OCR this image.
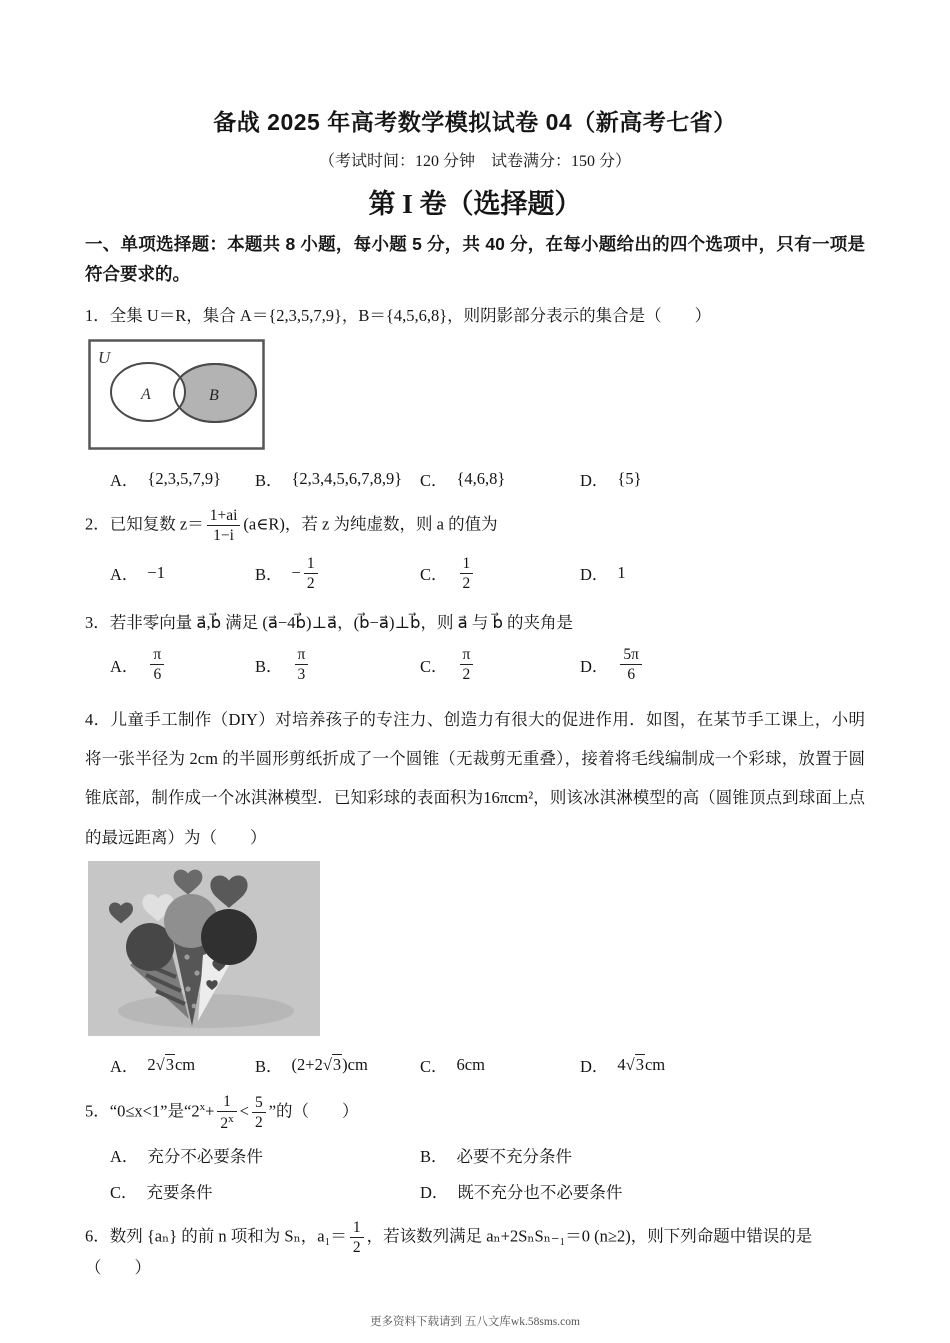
备战 2025 年高考数学模拟试卷 04（新高考七省）
（考试时间：120 分钟　试卷满分：150 分）
第 I 卷（选择题）

一、单项选择题：本题共 8 小题，每小题 5 分，共 40 分，在每小题给出的四个选项中，只有一项是符合要求的。

1．全集 U＝R，集合 A＝{2,3,5,7,9}，B＝{4,5,6,8}，则阴影部分表示的集合是（　　）

U
A	B
A． {2,3,5,7,9} B． {2,3,4,5,6,7,8,9} C． {4,6,8}	D． {5}

2．已知复数 $z= \frac{1+ai}{1-i}$ (a∈R)，若 z 为纯虚数，则 a 的值为

A． −1	B． − $\frac{1}{2}$	C． $\frac{1}{2}$	D． 1

3．若非零向量 a⃗,b⃗ 满足 (a⃗−4b⃗)⊥a⃗，(b⃗−a⃗)⊥b⃗，则 a⃗ 与 b⃗ 的夹角是

A． $\frac{\pi}{6}$	B． $\frac{\pi}{3}$	C． $\frac{\pi}{2}$	D． $\frac{5\pi}{6}$

4．儿童手工制作（DIY）对培养孩子的专注力、创造力有很大的促进作用．如图，在某节手工课上，小明将一张半径为 2cm 的半圆形剪纸折成了一个圆锥（无裁剪无重叠），接着将毛线编制成一个彩球，放置于圆锥底部，制作成一个冰淇淋模型．已知彩球的表面积为16πcm²，则该冰淇淋模型的高（圆锥顶点到球面上点的最远距离）为（　　）

A． 2 √3 cm	B． (2+2 √3 )cm	C． 6cm	D． 4 √3 cm

5．“0≤x<1”是“$2^x+ \frac{1}{2^x} < \frac{5}{2}$ ”的（　　）

A． 充分不必要条件	B． 必要不充分条件
C． 充要条件	D． 既不充分也不必要条件

6．数列 {aₙ} 的前 n 项和为 Sₙ，$a_1= \frac{1}{2}$ ，若该数列满足 aₙ+2SₙSₙ₋₁＝0 (n≥2)，则下列命题中错误的是（　　）

更多资料下载请到 五八文库wk.58sms.com
